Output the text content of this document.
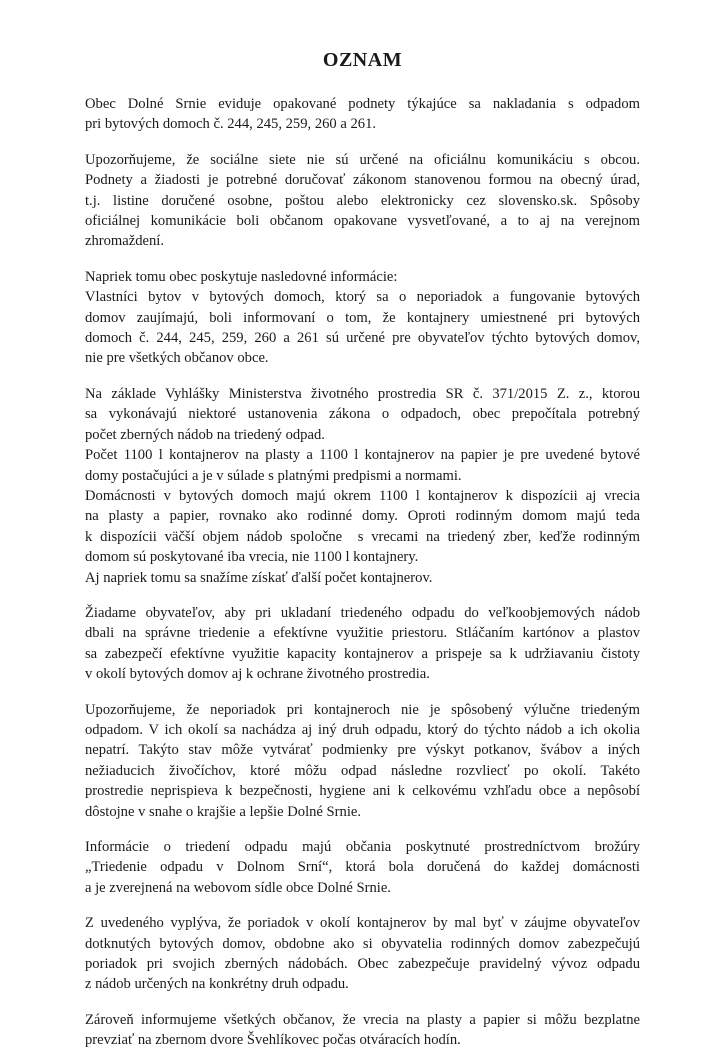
OZNAM

Obec Dolné Srnie eviduje opakované podnety týkajúce sa nakladania s odpadom

pri bytových domoch č. 244, 245, 259, 260 a 261.

Upozorňujeme, že sociálne siete nie sú určené na oficiálnu komunikáciu s obcou.

Podnety a žiadosti je potrebné doručovať zákonom stanovenou formou na obecný úrad,

t.j. listine doručené osobne, poštou alebo elektronicky cez slovensko.sk. Spôsoby

oficiálnej komunikácie boli občanom opakovane vysvetľované, a to aj na verejnom

zhromaždení.

Napriek tomu obec poskytuje nasledovné informácie:

Vlastníci bytov v bytových domoch, ktorý sa o neporiadok a fungovanie bytových

domov zaujímajú, boli informovaní o tom, že kontajnery umiestnené pri bytových

domoch č. 244, 245, 259, 260 a 261 sú určené pre obyvateľov týchto bytových domov,

nie pre všetkých občanov obce.

Na základe Vyhlášky Ministerstva životného prostredia SR č. 371/2015 Z. z., ktorou

sa vykonávajú niektoré ustanovenia zákona o odpadoch, obec prepočítala potrebný

počet zberných nádob na triedený odpad.

Počet 1100 l kontajnerov na plasty a 1100 l kontajnerov na papier je pre uvedené bytové

domy postačujúci a je v súlade s platnými predpismi a normami.

Domácnosti v bytových domoch majú okrem 1100 l kontajnerov k dispozícii aj vrecia

na plasty a papier, rovnako ako rodinné domy. Oproti rodinným domom majú teda

k dispozícii väčší objem nádob spoločne  s vrecami na triedený zber, keďže rodinným

domom sú poskytované iba vrecia, nie 1100 l kontajnery.

Aj napriek tomu sa snažíme získať ďalší počet kontajnerov.

Žiadame obyvateľov, aby pri ukladaní triedeného odpadu do veľkoobjemových nádob

dbali na správne triedenie a efektívne využitie priestoru. Stláčaním kartónov a plastov

sa zabezpečí efektívne využitie kapacity kontajnerov a prispeje sa k udržiavaniu čistoty

v okolí bytových domov aj k ochrane životného prostredia.

Upozorňujeme, že neporiadok pri kontajneroch nie je spôsobený výlučne triedeným

odpadom. V ich okolí sa nachádza aj iný druh odpadu, ktorý do týchto nádob a ich okolia

nepatrí. Takýto stav môže vytvárať podmienky pre výskyt potkanov, švábov a iných

nežiaducich živočíchov, ktoré môžu odpad následne rozvliecť po okolí. Takéto

prostredie neprispieva k bezpečnosti, hygiene ani k celkovému vzhľadu obce a nepôsobí

dôstojne v snahe o krajšie a lepšie Dolné Srnie.

Informácie o triedení odpadu majú občania poskytnuté prostredníctvom brožúry

„Triedenie odpadu v Dolnom Srní“, ktorá bola doručená do každej domácnosti

a je zverejnená na webovom sídle obce Dolné Srnie.

Z uvedeného vyplýva, že poriadok v okolí kontajnerov by mal byť v záujme obyvateľov

dotknutých bytových domov, obdobne ako si obyvatelia rodinných domov zabezpečujú

poriadok pri svojich zberných nádobách. Obec zabezpečuje pravidelný vývoz odpadu

z nádob určených na konkrétny druh odpadu.

Zároveň informujeme všetkých občanov, že vrecia na plasty a papier si môžu bezplatne

prevziať na zbernom dvore Švehlíkovec počas otváracích hodín.
